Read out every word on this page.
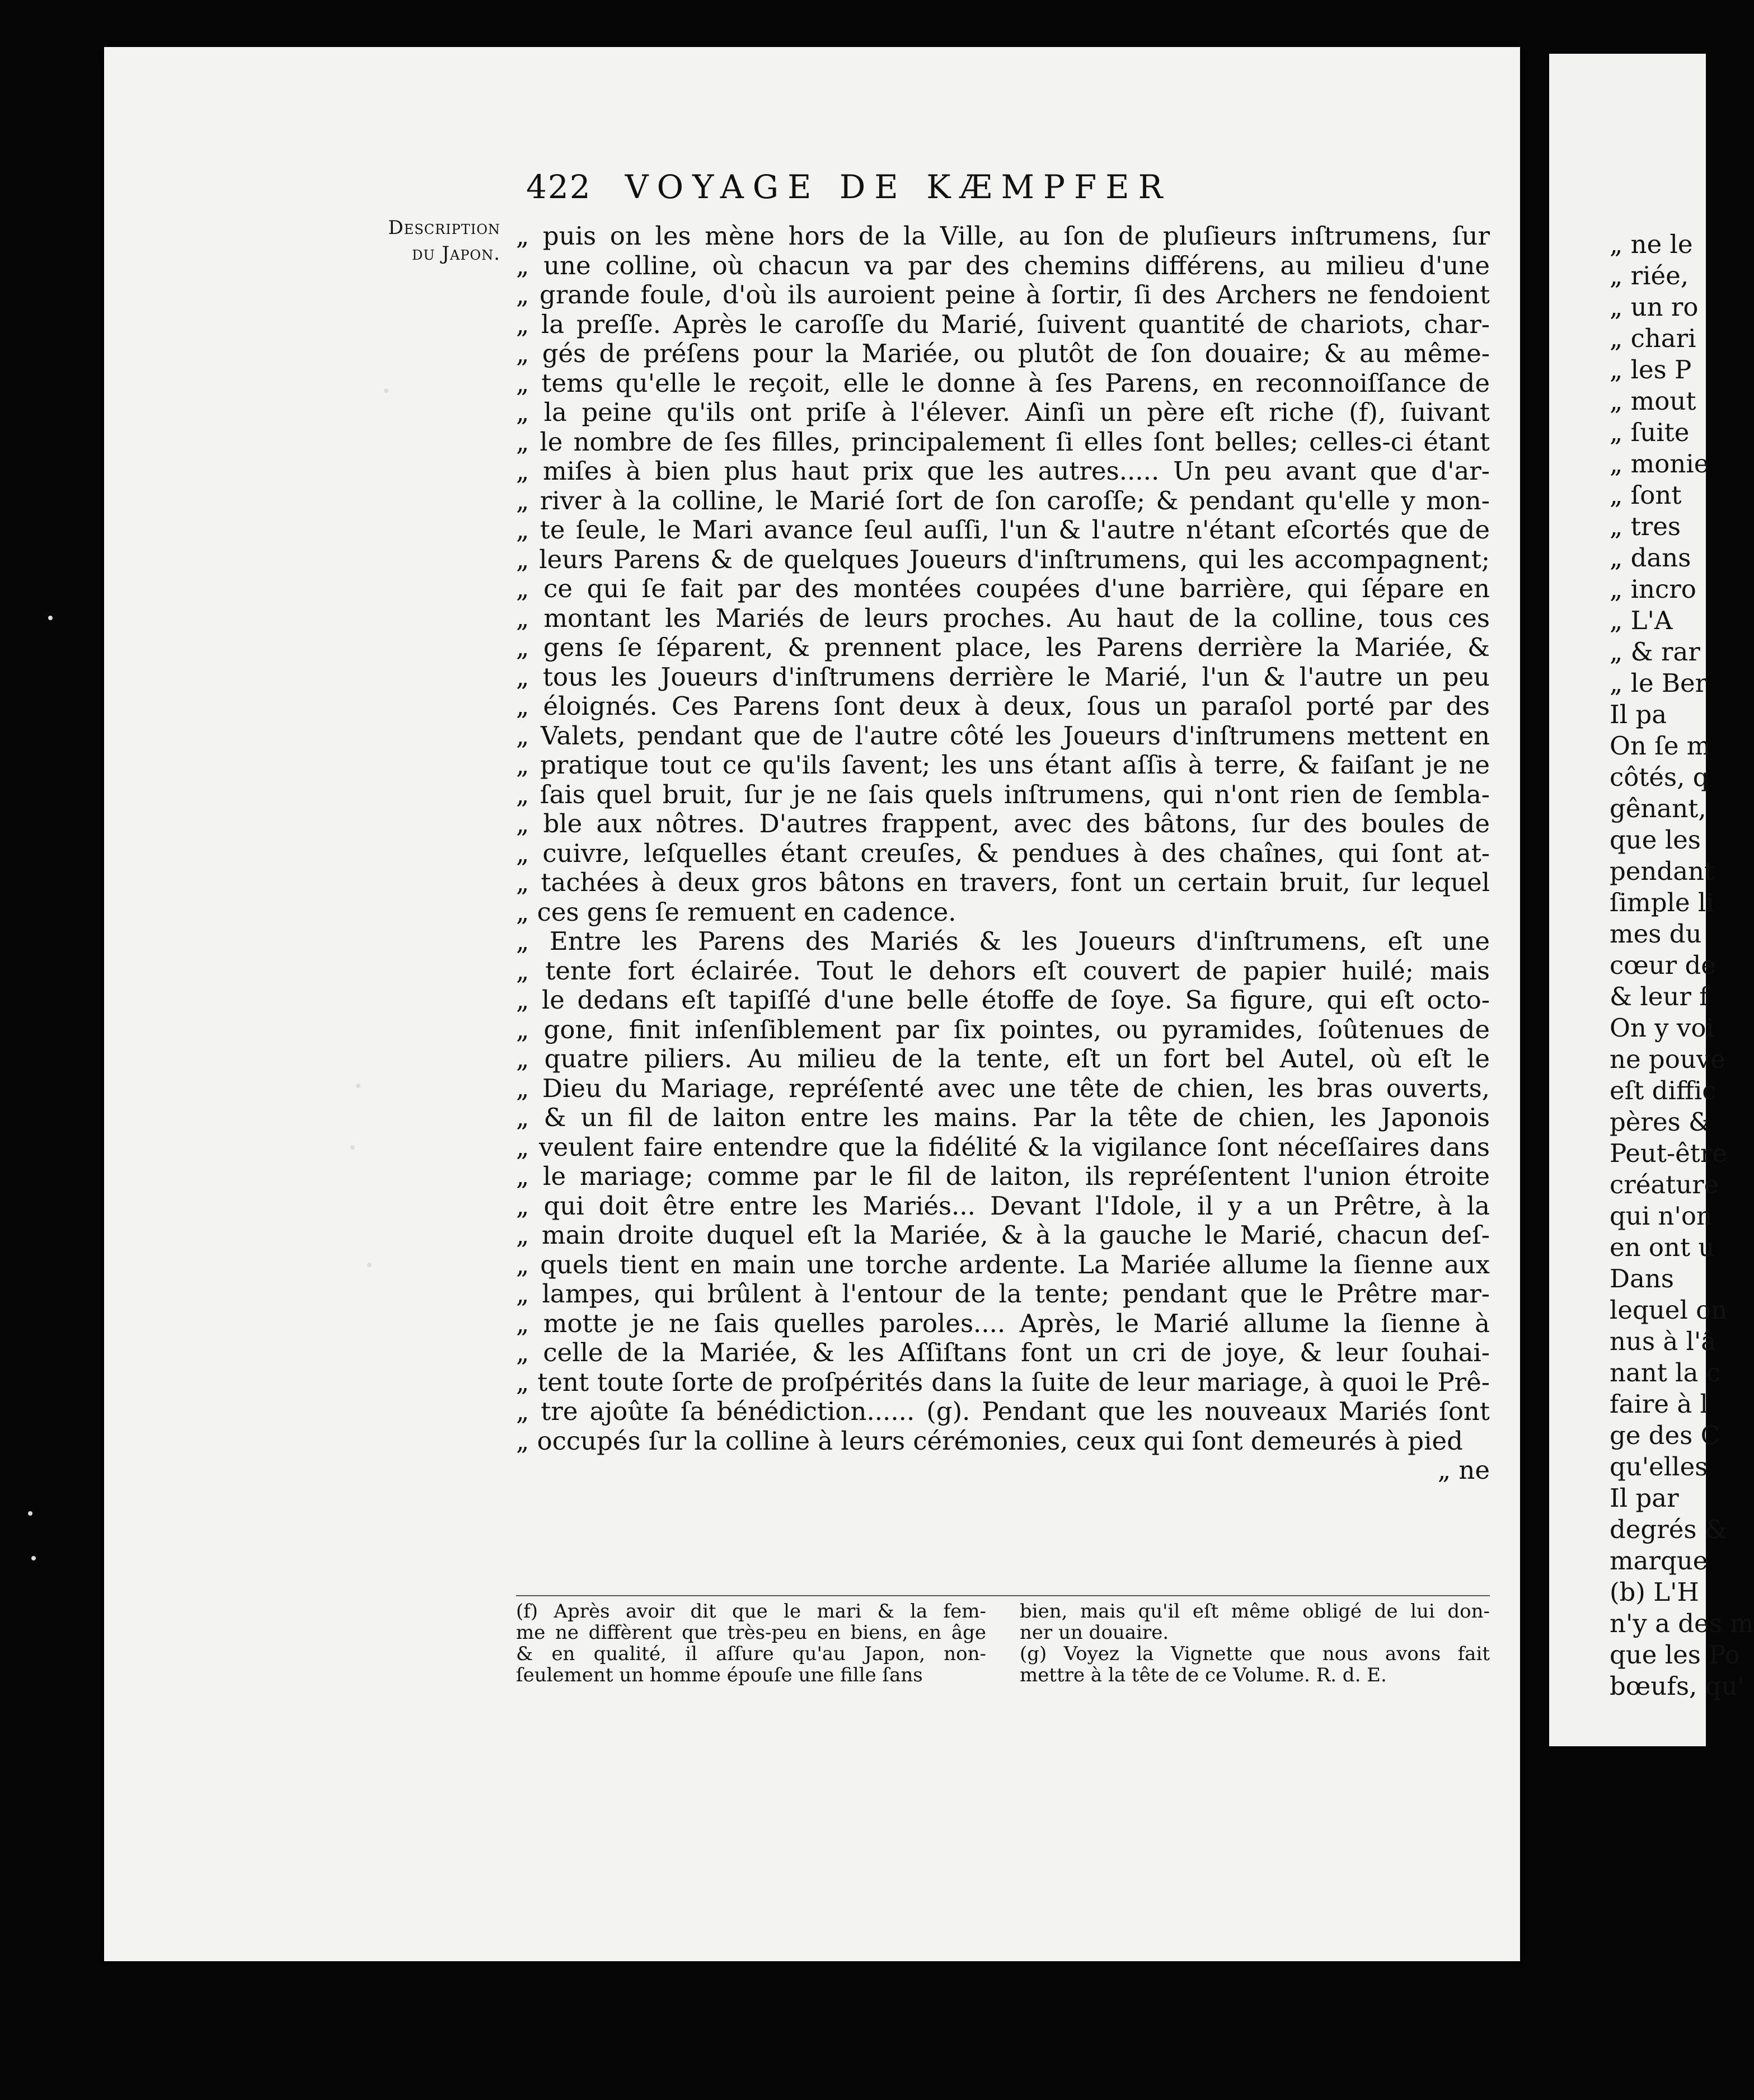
422 VOYAGE DE KÆMPFER
Description
du Japon.
„ puis on les mène hors de la Ville, au ſon de pluſieurs inſtrumens, ſur
„ une colline, où chacun va par des chemins différens, au milieu d'une
„ grande foule, d'où ils auroient peine à ſortir, ſi des Archers ne fendoient
„ la preſſe. Après le caroſſe du Marié, ſuivent quantité de chariots, char-
„ gés de préſens pour la Mariée, ou plutôt de ſon douaire; & au même-
„ tems qu'elle le reçoit, elle le donne à ſes Parens, en reconnoiſſance de
„ la peine qu'ils ont priſe à l'élever. Ainſi un père eſt riche (f), ſuivant
„ le nombre de ſes filles, principalement ſi elles ſont belles; celles-ci étant
„ miſes à bien plus haut prix que les autres..... Un peu avant que d'ar-
„ river à la colline, le Marié ſort de ſon caroſſe; & pendant qu'elle y mon-
„ te ſeule, le Mari avance ſeul auſſi, l'un & l'autre n'étant eſcortés que de
„ leurs Parens & de quelques Joueurs d'inſtrumens, qui les accompagnent;
„ ce qui ſe fait par des montées coupées d'une barrière, qui ſépare en
„ montant les Mariés de leurs proches. Au haut de la colline, tous ces
„ gens ſe ſéparent, & prennent place, les Parens derrière la Mariée, &
„ tous les Joueurs d'inſtrumens derrière le Marié, l'un & l'autre un peu
„ éloignés. Ces Parens ſont deux à deux, ſous un paraſol porté par des
„ Valets, pendant que de l'autre côté les Joueurs d'inſtrumens mettent en
„ pratique tout ce qu'ils ſavent; les uns étant aſſis à terre, & faiſant je ne
„ ſais quel bruit, ſur je ne ſais quels inſtrumens, qui n'ont rien de ſembla-
„ ble aux nôtres. D'autres frappent, avec des bâtons, ſur des boules de
„ cuivre, leſquelles étant creuſes, & pendues à des chaînes, qui ſont at-
„ tachées à deux gros bâtons en travers, font un certain bruit, ſur lequel
„ ces gens ſe remuent en cadence.
„ Entre les Parens des Mariés & les Joueurs d'inſtrumens, eſt une
„ tente fort éclairée. Tout le dehors eſt couvert de papier huilé; mais
„ le dedans eſt tapiſſé d'une belle étoffe de ſoye. Sa figure, qui eſt octo-
„ gone, finit inſenſiblement par ſix pointes, ou pyramides, ſoûtenues de
„ quatre piliers. Au milieu de la tente, eſt un fort bel Autel, où eſt le
„ Dieu du Mariage, repréſenté avec une tête de chien, les bras ouverts,
„ & un fil de laiton entre les mains. Par la tête de chien, les Japonois
„ veulent faire entendre que la fidélité & la vigilance ſont néceſſaires dans
„ le mariage; comme par le fil de laiton, ils repréſentent l'union étroite
„ qui doit être entre les Mariés... Devant l'Idole, il y a un Prêtre, à la
„ main droite duquel eſt la Mariée, & à la gauche le Marié, chacun deſ-
„ quels tient en main une torche ardente. La Mariée allume la ſienne aux
„ lampes, qui brûlent à l'entour de la tente; pendant que le Prêtre mar-
„ motte je ne ſais quelles paroles.... Après, le Marié allume la ſienne à
„ celle de la Mariée, & les Aſſiſtans font un cri de joye, & leur ſouhai-
„ tent toute ſorte de proſpérités dans la ſuite de leur mariage, à quoi le Prê-
„ tre ajoûte ſa bénédiction...... (g). Pendant que les nouveaux Mariés ſont
„ occupés ſur la colline à leurs cérémonies, ceux qui ſont demeurés à pied
„ ne
(f) Après avoir dit que le mari & la fem-
me ne diffèrent que très-peu en biens, en âge
& en qualité, il aſſure qu'au Japon, non-
ſeulement un homme épouſe une fille ſans
bien, mais qu'il eſt même obligé de lui don-
ner un douaire.
(g) Voyez la Vignette que nous avons fait
mettre à la tête de ce Volume. R. d. E.
„ ne le
„ riée,
„ un ro
„ chari
„ les P
„ mout
„ ſuite
„ monie
„ ſont
„ tres
„ dans
„ incro
„ L'A
„ & rar
„ le Ber
Il pa
On ſe m
côtés, q
gênant,
que les
pendant
ſimple li
mes du
cœur de
& leur f
On y voi
ne pouve
eſt diffic
pères &
Peut-être
créature
qui n'on
en ont u
Dans
lequel on
nus à l'â
nant la c
faire à l
ge des C
qu'elles
Il par
degrés &
marque
(b) L'H
n'y a des m
que les Po
bœufs, qu'
